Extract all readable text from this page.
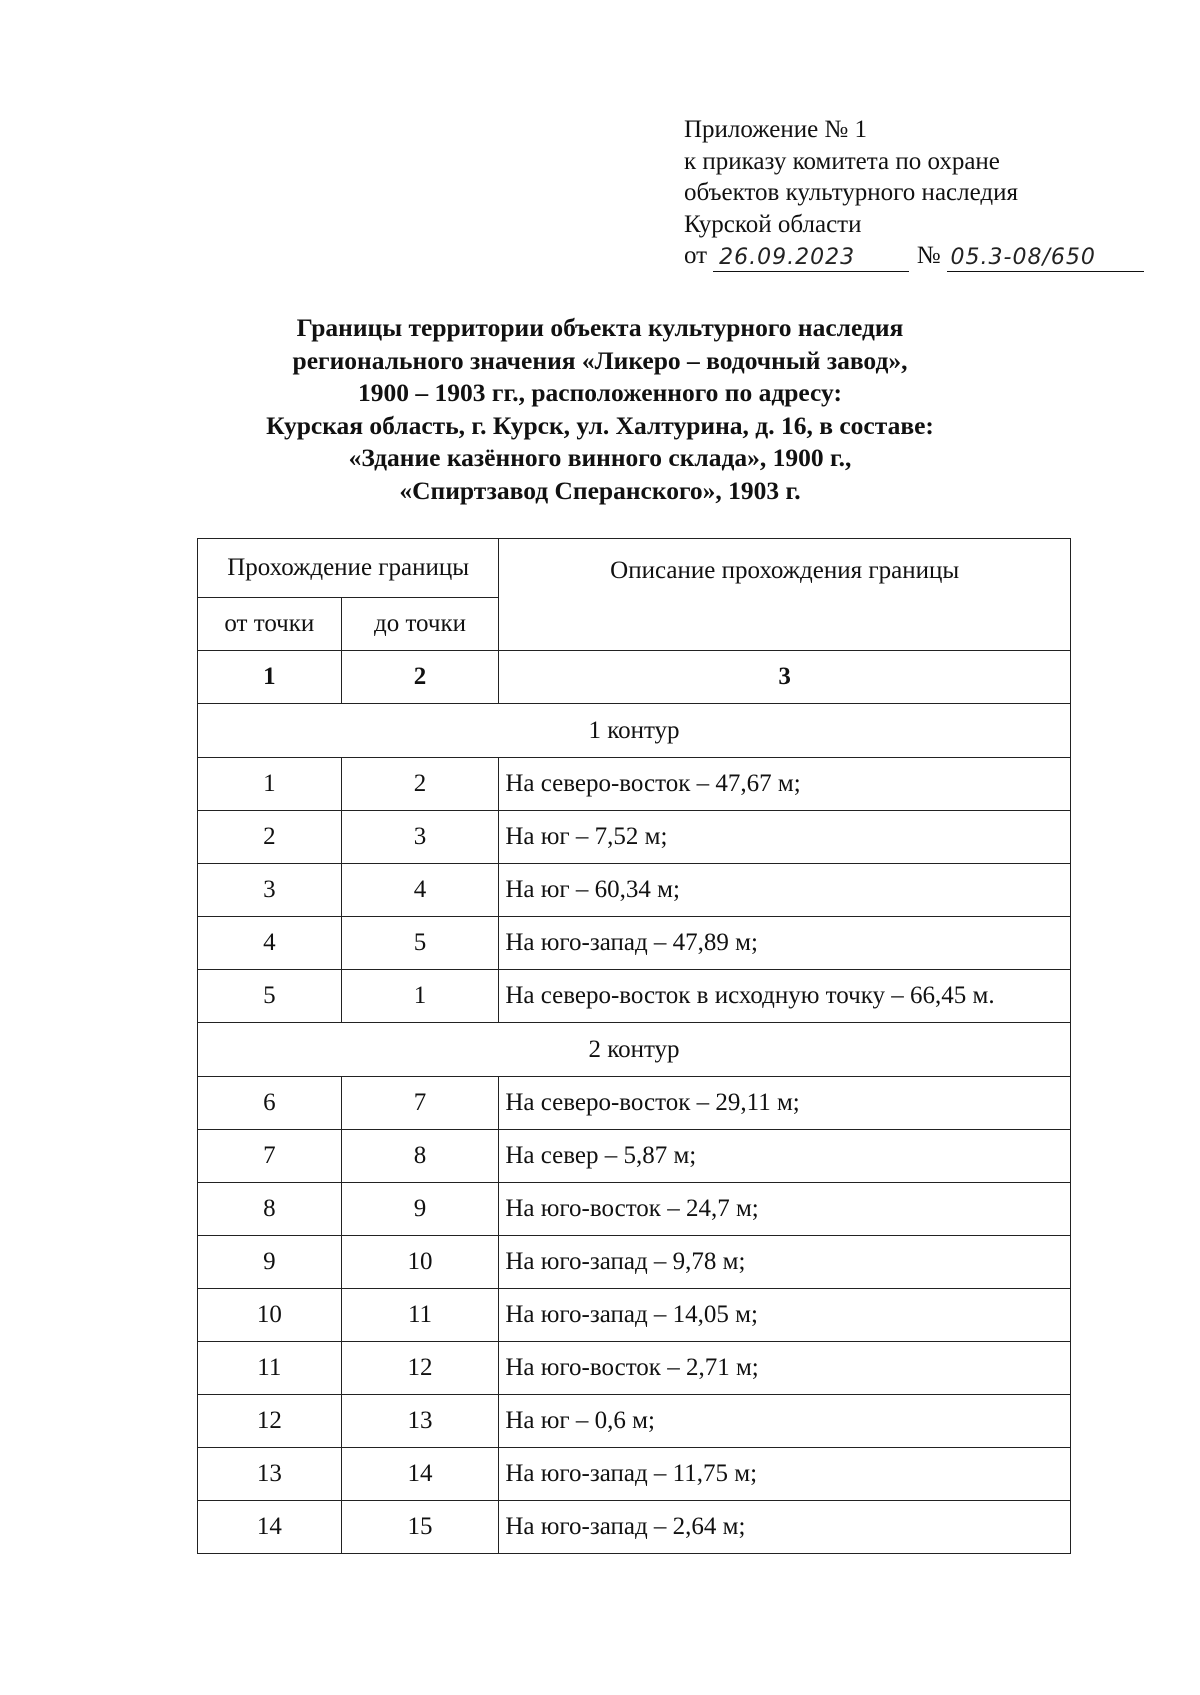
Приложение № 1
к приказу комитета по охране
объектов культурного наследия
Курской области
от 26.09.2023	№ 05.3-08/650
Границы территории объекта культурного наследия
регионального значения «Ликеро – водочный завод»,
1900 – 1903 гг., расположенного по адресу:
Курская область, г. Курск, ул. Халтурина, д. 16, в составе:
«Здание казённого винного склада», 1900 г.,
«Спиртзавод Сперанского», 1903 г.
Прохождение границы		Описание прохождения границы
от точки	до точки	
1	2	3
1 контур		
1	2	На северо-восток – 47,67 м;
2	3	На юг – 7,52 м;
3	4	На юг – 60,34 м;
4	5	На юго-запад – 47,89 м;
5	1	На северо-восток в исходную точку – 66,45 м.
2 контур		
6	7	На северо-восток – 29,11 м;
7	8	На север – 5,87 м;
8	9	На юго-восток – 24,7 м;
9	10	На юго-запад – 9,78 м;
10	11	На юго-запад – 14,05 м;
11	12	На юго-восток – 2,71 м;
12	13	На юг – 0,6 м;
13	14	На юго-запад – 11,75 м;
14	15	На юго-запад – 2,64 м;
